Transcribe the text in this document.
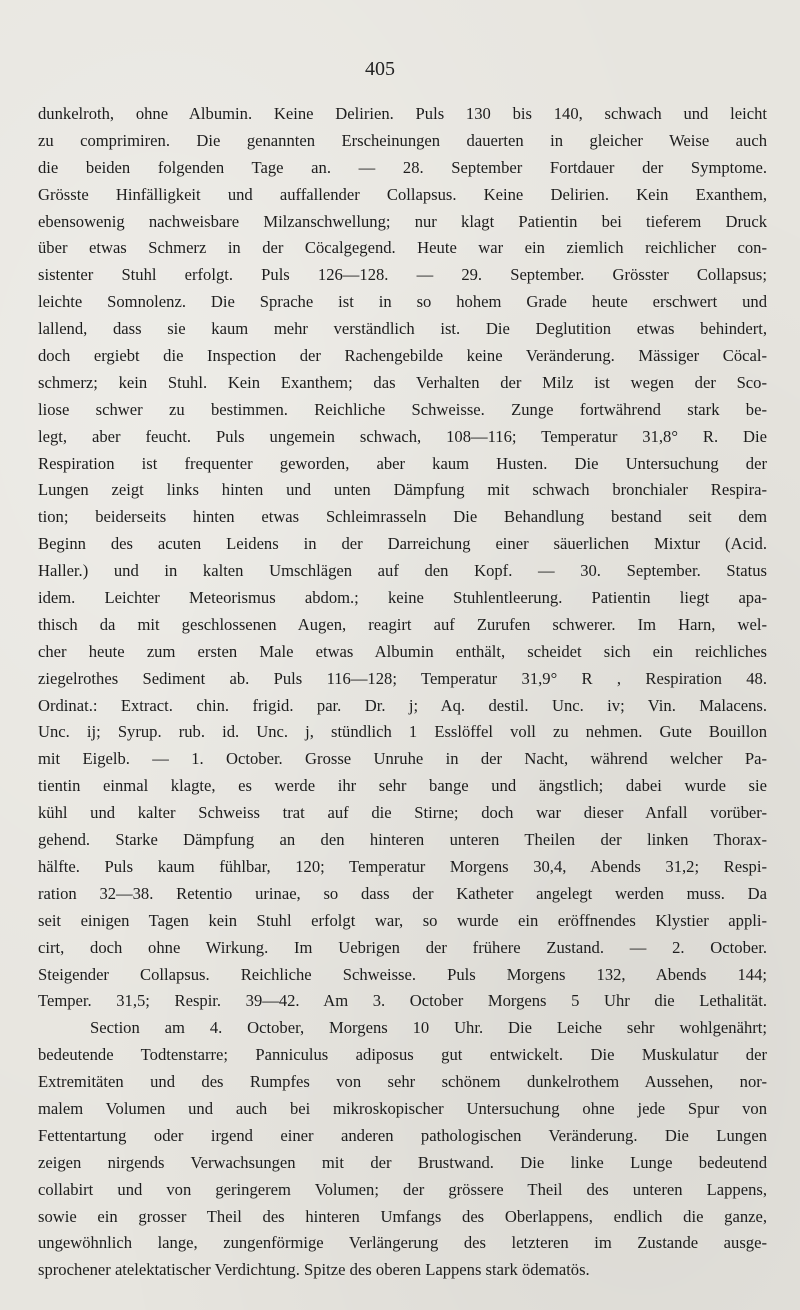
405
dunkelroth, ohne Albumin. Keine Delirien. Puls 130 bis 140, schwach und leicht
zu comprimiren. Die genannten Erscheinungen dauerten in gleicher Weise auch
die beiden folgenden Tage an. — 28. September Fortdauer der Symptome.
Grösste Hinfälligkeit und auffallender Collapsus. Keine Delirien. Kein Exanthem,
ebensowenig nachweisbare Milzanschwellung; nur klagt Patientin bei tieferem Druck
über etwas Schmerz in der Cöcalgegend. Heute war ein ziemlich reichlicher con-
sistenter Stuhl erfolgt. Puls 126—128. — 29. September. Grösster Collapsus;
leichte Somnolenz. Die Sprache ist in so hohem Grade heute erschwert und
lallend, dass sie kaum mehr verständlich ist. Die Deglutition etwas behindert,
doch ergiebt die Inspection der Rachengebilde keine Veränderung. Mässiger Cöcal-
schmerz; kein Stuhl. Kein Exanthem; das Verhalten der Milz ist wegen der Sco-
liose schwer zu bestimmen. Reichliche Schweisse. Zunge fortwährend stark be-
legt, aber feucht. Puls ungemein schwach, 108—116; Temperatur 31,8° R. Die
Respiration ist frequenter geworden, aber kaum Husten. Die Untersuchung der
Lungen zeigt links hinten und unten Dämpfung mit schwach bronchialer Respira-
tion; beiderseits hinten etwas Schleimrasseln Die Behandlung bestand seit dem
Beginn des acuten Leidens in der Darreichung einer säuerlichen Mixtur (Acid.
Haller.) und in kalten Umschlägen auf den Kopf. — 30. September. Status
idem. Leichter Meteorismus abdom.; keine Stuhlentleerung. Patientin liegt apa-
thisch da mit geschlossenen Augen, reagirt auf Zurufen schwerer. Im Harn, wel-
cher heute zum ersten Male etwas Albumin enthält, scheidet sich ein reichliches
ziegelrothes Sediment ab. Puls 116—128; Temperatur 31,9° R , Respiration 48.
Ordinat.: Extract. chin. frigid. par. Dr. j; Aq. destil. Unc. iv; Vin. Malacens.
Unc. ij; Syrup. rub. id. Unc. j, stündlich 1 Esslöffel voll zu nehmen. Gute Bouillon
mit Eigelb. — 1. October. Grosse Unruhe in der Nacht, während welcher Pa-
tientin einmal klagte, es werde ihr sehr bange und ängstlich; dabei wurde sie
kühl und kalter Schweiss trat auf die Stirne; doch war dieser Anfall vorüber-
gehend. Starke Dämpfung an den hinteren unteren Theilen der linken Thorax-
hälfte. Puls kaum fühlbar, 120; Temperatur Morgens 30,4, Abends 31,2; Respi-
ration 32—38. Retentio urinae, so dass der Katheter angelegt werden muss. Da
seit einigen Tagen kein Stuhl erfolgt war, so wurde ein eröffnendes Klystier appli-
cirt, doch ohne Wirkung. Im Uebrigen der frühere Zustand. — 2. October.
Steigender Collapsus. Reichliche Schweisse. Puls Morgens 132, Abends 144;
Temper. 31,5; Respir. 39—42. Am 3. October Morgens 5 Uhr die Lethalität.
Section am 4. October, Morgens 10 Uhr. Die Leiche sehr wohlgenährt;
bedeutende Todtenstarre; Panniculus adiposus gut entwickelt. Die Muskulatur der
Extremitäten und des Rumpfes von sehr schönem dunkelrothem Aussehen, nor-
malem Volumen und auch bei mikroskopischer Untersuchung ohne jede Spur von
Fettentartung oder irgend einer anderen pathologischen Veränderung. Die Lungen
zeigen nirgends Verwachsungen mit der Brustwand. Die linke Lunge bedeutend
collabirt und von geringerem Volumen; der grössere Theil des unteren Lappens,
sowie ein grosser Theil des hinteren Umfangs des Oberlappens, endlich die ganze,
ungewöhnlich lange, zungenförmige Verlängerung des letzteren im Zustande ausge-
sprochener atelektatischer Verdichtung. Spitze des oberen Lappens stark ödematös.
